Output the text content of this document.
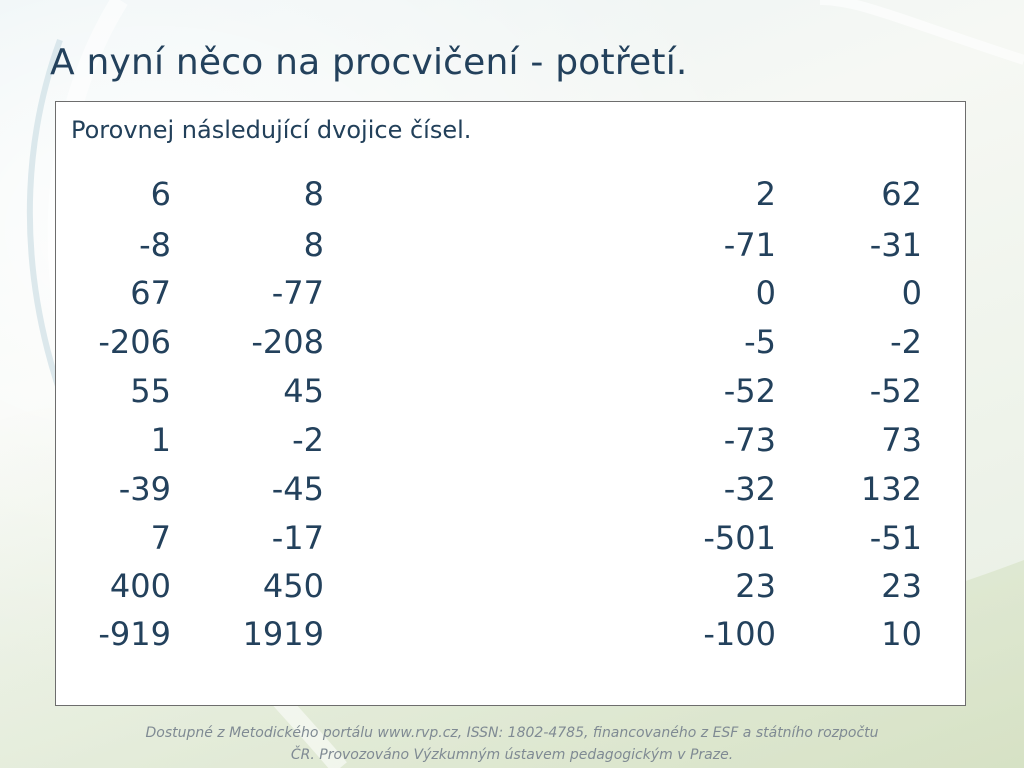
A nyní něco na procvičení - potřetí.

Porovnej následující dvojice čísel.

6	8	2	62
-8	8	-71	-31
67	-77	0	0
-206	-208	-5	-2
55	45	-52	-52
1	-2	-73	73
-39	-45	-32	132
7	-17	-501	-51
400	450	23	23
-919	1919	-100	10
Dostupné z Metodického portálu www.rvp.cz, ISSN: 1802-4785, financovaného z ESF a státního rozpočtu
ČR. Provozováno Výzkumným ústavem pedagogickým v Praze.
